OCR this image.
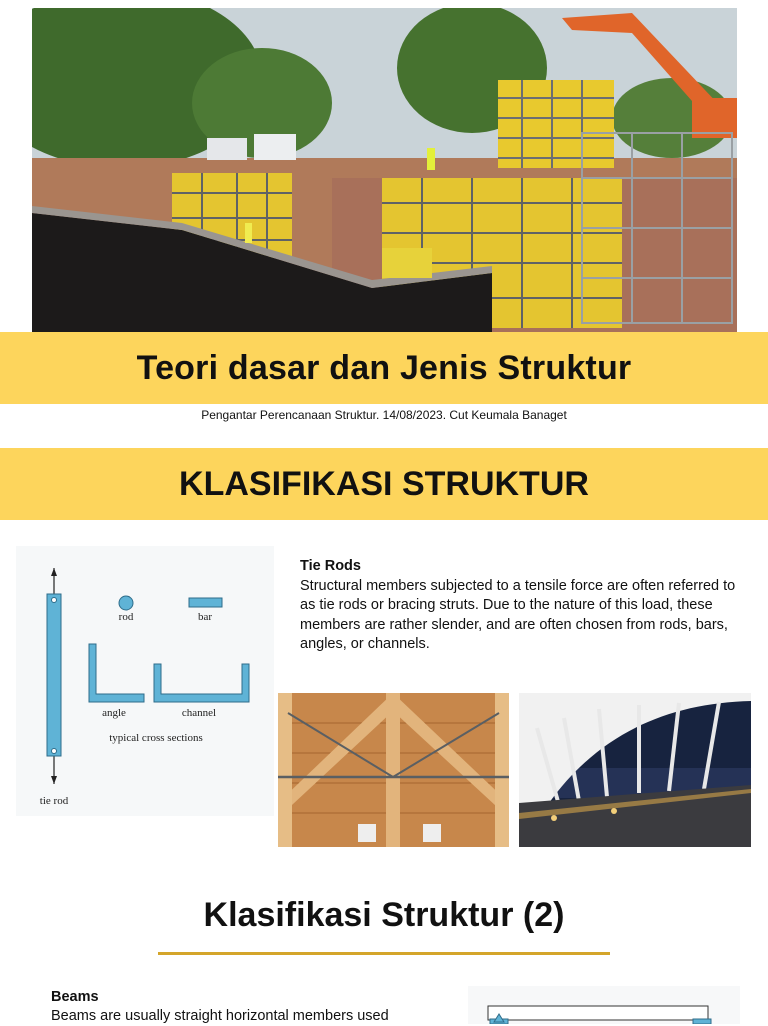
Teori dasar dan Jenis Struktur
Pengantar Perencanaan Struktur. 14/08/2023. Cut Keumala Banaget
KLASIFIKASI STRUKTUR
rod	bar
angle	channel
typical cross sections
tie rod
Tie Rods
Structural members subjected to a tensile force are often referred to as tie rods or bracing struts. Due to the nature of this load, these members are rather slender, and are often chosen from rods, bars, angles, or channels.
Klasifikasi Struktur (2)
Beams
Beams are usually straight horizontal members used
